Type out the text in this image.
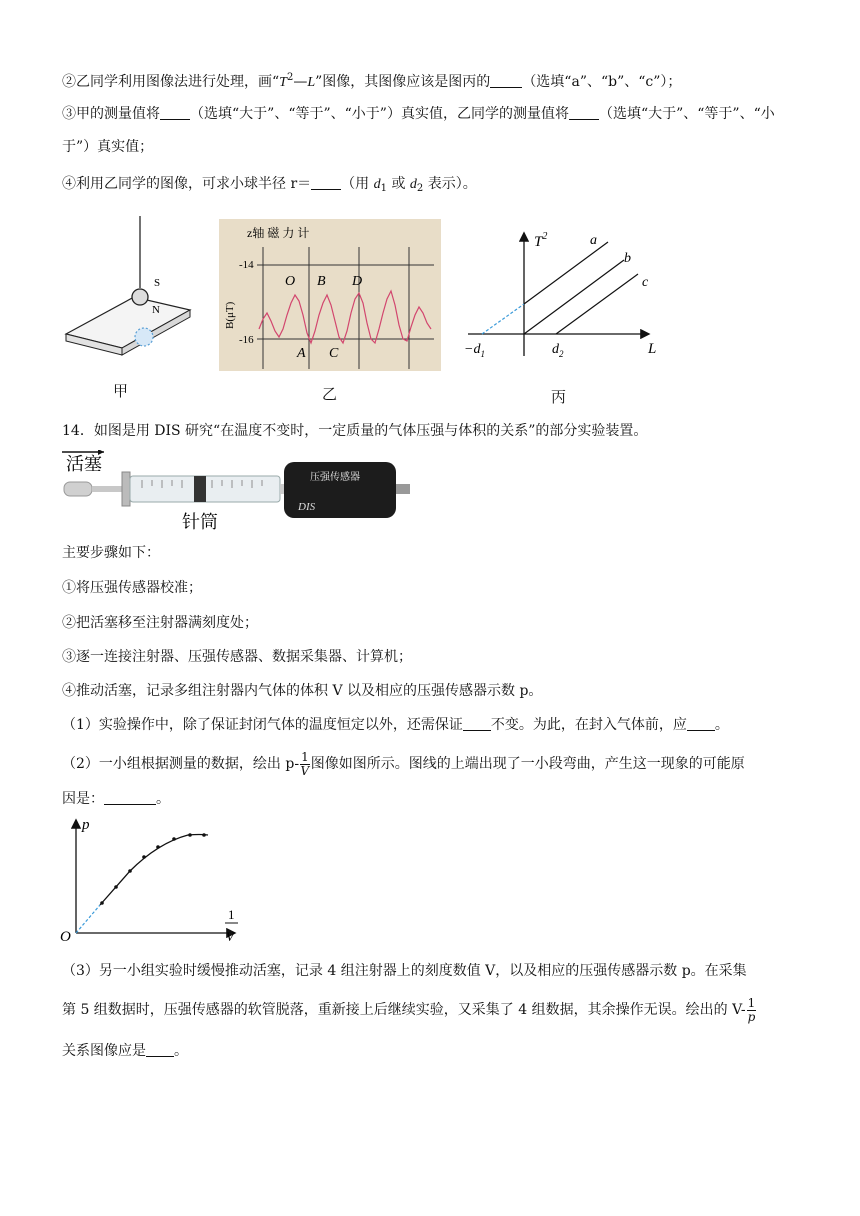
②乙同学利用图像法进行处理，画“$T^2—L$”图像，其图像应该是图丙的 （选填“a”、“b”、“c”）；
③甲的测量值将 （选填“大于”、“等于”、“小于”）真实值，乙同学的测量值将 （选填“大于”、“等于”、“小
于”）真实值；
④利用乙同学的图像，可求小球半径 r＝ （用 $d_1$ 或 $d_2$ 表示）。
S
N
甲
z轴 磁 力 计
-14
-16
B(μT)
O B D
A C
乙
$T^2$	a
b
c
$-d_1$	$d_2$	L
丙
14．如图是用 DIS 研究“在温度不变时，一定质量的气体压强与体积的关系”的部分实验装置。
活塞
压强传感器
DIS
针筒
主要步骤如下：
①将压强传感器校准；
②把活塞移至注射器满刻度处；
③逐一连接注射器、压强传感器、数据采集器、计算机；
④推动活塞，记录多组注射器内气体的体积 V 以及相应的压强传感器示数 p。
（1）实验操作中，除了保证封闭气体的温度恒定以外，还需保证 不变。为此，在封入气体前，应 。
（2）一小组根据测量的数据，绘出 $p- \frac{1}{V}$ 图像如图所示。图线的上端出现了一小段弯曲，产生这一现象的可能原
因是：	。
p
O
1
V
（3）另一小组实验时缓慢推动活塞，记录 4 组注射器上的刻度数值 V，以及相应的压强传感器示数 p。在采集
第 5 组数据时，压强传感器的软管脱落，重新接上后继续实验，又采集了 4 组数据，其余操作无误。绘出的 $V- \frac{1}{p}$
关系图像应是 。
